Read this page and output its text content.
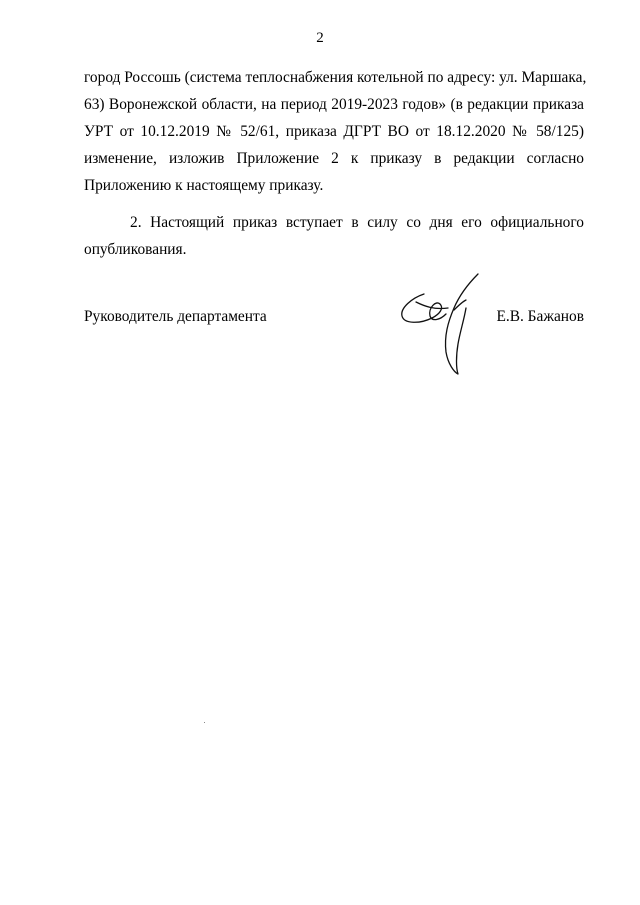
2
город Россошь (система теплоснабжения котельной по адресу: ул. Маршака,
63) Воронежской области, на период 2019-2023 годов» (в редакции приказа
УРТ от 10.12.2019 № 52/61, приказа ДГРТ ВО от 18.12.2020 № 58/125)
изменение, изложив Приложение 2 к приказу в редакции согласно
Приложению к настоящему приказу.
2. Настоящий приказ вступает в силу со дня его официального
опубликования.
Руководитель департамента	Е.В. Бажанов
